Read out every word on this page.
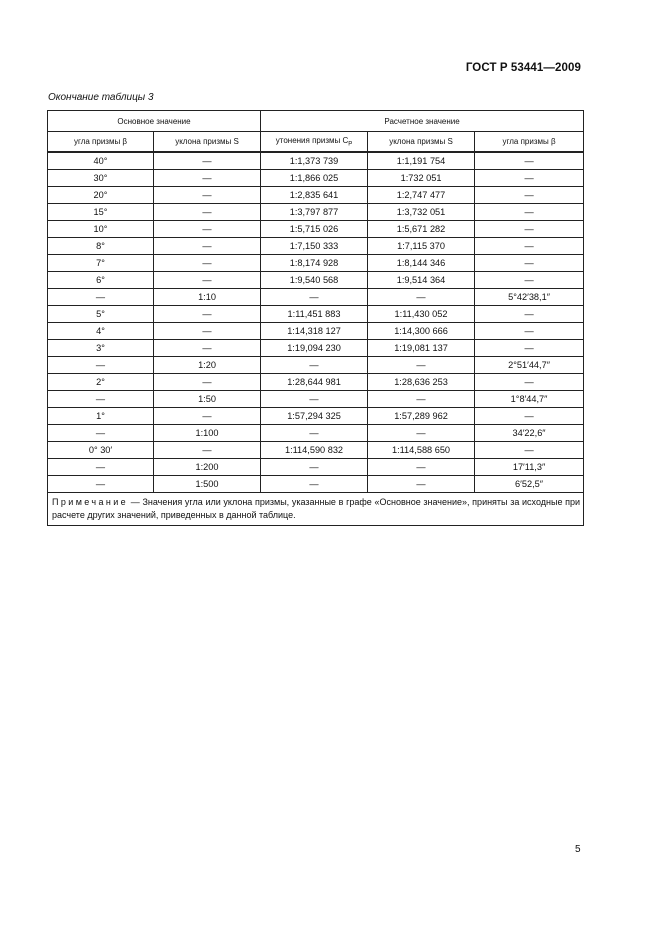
ГОСТ Р 53441—2009
Окончание таблицы 3
Основное значение		Расчетное значение		
угла призмы β	уклона призмы S	утонения призмы $C_P$	уклона призмы S	угла призмы β
40°	—	1:1,373 739	1:1,191 754	—
30°	—	1:1,866 025	1:732 051	—
20°	—	1:2,835 641	1:2,747 477	—
15°	—	1:3,797 877	1:3,732 051	—
10°	—	1:5,715 026	1:5,671 282	—
8°	—	1:7,150 333	1:7,115 370	—
7°	—	1:8,174 928	1:8,144 346	—
6°	—	1:9,540 568	1:9,514 364	—
—	1:10	—	—	5°42′38,1″
5°	—	1:11,451 883	1:11,430 052	—
4°	—	1:14,318 127	1:14,300 666	—
3°	—	1:19,094 230	1:19,081 137	—
—	1:20	—	—	2°51′44,7″
2°	—	1:28,644 981	1:28,636 253	—
—	1:50	—	—	1°8′44,7″
1°	—	1:57,294 325	1:57,289 962	—
—	1:100	—	—	34′22,6″
0° 30′	—	1:114,590 832	1:114,588 650	—
—	1:200	—	—	17′11,3″
—	1:500	—	—	6′52,5″
Примечание — Значения угла или уклона призмы, указанные в графе «Основное значение», приняты за исходные при расчете других значений, приведенных в данной таблице.				
5
